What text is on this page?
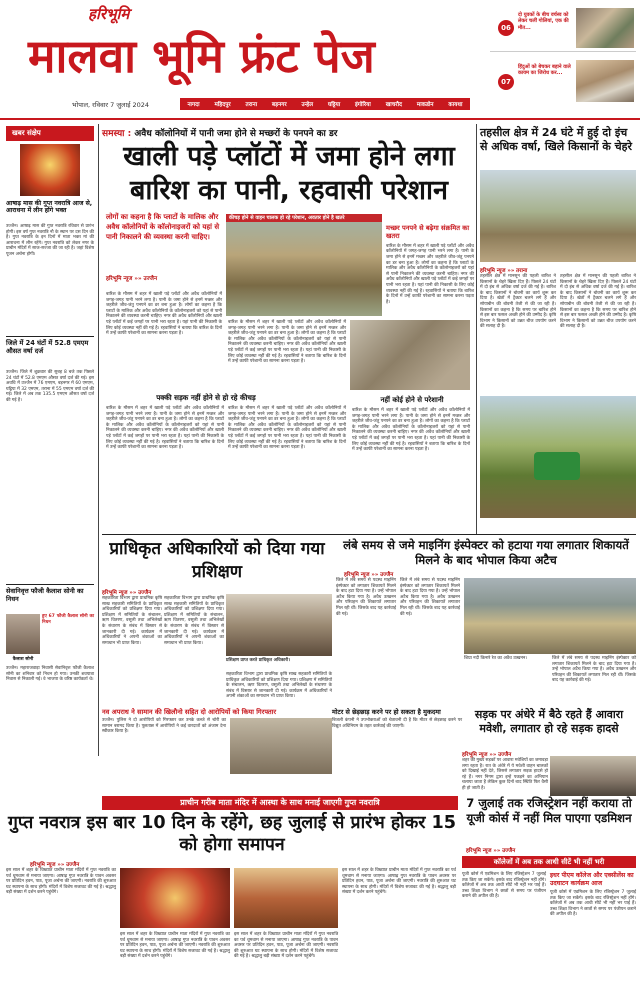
हरिभूमि
मालवा भूमि फ्रंट पेज
भोपाल, रविवार 7 जुलाई 2024	नागदा	महिदपुर	तराना	बड़नगर	उन्हेल	घट्टिया	इंगोरिया	खाचरौद	माकडोन	कायथा
06
दो युवकों के बीच वर्चस्व को लेकर चलीं गोलियां, एक की मौत...
07
हिंदुओं को बेचकर बहाने वाले कायम का जिरोध कर...
खबर संक्षेप
आषाढ़ मास की गुप्त नवरात्रि आज से, आराधना में लीन होंगे भक्त
उज्जैन। आषाढ़ मास की गुप्त नवरात्रि रविवार से प्रारंभ होगी। इस वर्ष गुप्त नवरात्रि नौ के स्थान पर दस दिन की है। गुप्त नवरात्रि के इन दिनों में माता भक्त मां की आराधना में लीन रहेंगे। गुप्त नवरात्रि को लेकर नगर के प्राचीन मंदिरों में साज-सज्जा की जा रही है। जहां विशेष पूजन अर्चना होगी।
जिले में 24 घंटों में 52.8 एमएम औसत वर्षा दर्ज
उज्जैन। जिले में शुक्रवार की सुबह 8 बजे तक पिछले 24 घंटों में 52.8 एमएम औसत वर्षा दर्ज की गई। इस अवधि में उज्जैन में 76 एमएम, बड़नगर में 60 एमएम, घट्टिया में 32 एमएम, तराना में 55 एमएम वर्षा दर्ज की गई। जिले में अब तक 135.5 एमएम औसत वर्षा दर्ज की गई है।
सेवानिवृत्त फौजी कैलाश सोनी का निधन
हुए 67 फौजी कैलाश सोनी का निधन
कैलाश सोनी
उज्जैन। महाराजवाड़ा निवासी सेवानिवृत्त फौजी कैलाश सोनी का शनिवार को निधन हो गया। उनकी शवयात्रा निवास से निकाली गई। वे भाजपा के वरिष्ठ कार्यकर्ता थे।
समस्या : अवैध कॉलोनियों में पानी जमा होने से मच्छरों के पनपने का डर
खाली पड़े प्लॉटों में जमा होने लगा बारिश का पानी, रहवासी परेशान
लोगों का कहना है कि प्लाटों के मालिक और अवैध कॉलोनियों के कॉलोनाइजरों को यहां से पानी निकालने की व्यवस्था करनी चाहिए।
हरिभूमि न्यूज »» उज्जैन
कीचड़ होने से वाहन चालक हो रहे परेशान, अवतार होने है खतरे
मच्छर पनपने से बढ़ेगा संक्रमित का खतरा
बारिश के मौसम में शहर में खाली पड़े प्लॉटों और अवैध कॉलोनियों में जगह-जगह पानी भरने लगा है। पानी के जमा होने से इनमें मच्छर और जहरीले जीव-जंतु पनपने का डर बना हुआ है। लोगों का कहना है कि प्लाटों के मालिक और अवैध कॉलोनियों के कॉलोनाइजरों को यहां से पानी निकालने की व्यवस्था करनी चाहिए। नगर की अवैध कॉलोनियों और खाली पड़े प्लॉटों में कई जगहों पर पानी भरा रहता है। यहां पानी की निकासी के लिए कोई व्यवस्था नहीं की गई है। रहवासियों ने बताया कि बारिश के दिनों में उन्हें काफी परेशानी का सामना करना पड़ता है।
बारिश के मौसम में शहर में खाली पड़े प्लॉटों और अवैध कॉलोनियों में जगह-जगह पानी भरने लगा है। पानी के जमा होने से इनमें मच्छर और जहरीले जीव-जंतु पनपने का डर बना हुआ है। लोगों का कहना है कि प्लाटों के मालिक और अवैध कॉलोनियों के कॉलोनाइजरों को यहां से पानी निकालने की व्यवस्था करनी चाहिए। नगर की अवैध कॉलोनियों और खाली पड़े प्लॉटों में कई जगहों पर पानी भरा रहता है। यहां पानी की निकासी के लिए कोई व्यवस्था नहीं की गई है। रहवासियों ने बताया कि बारिश के दिनों में उन्हें काफी परेशानी का सामना करना पड़ता है।
बारिश के मौसम में शहर में खाली पड़े प्लॉटों और अवैध कॉलोनियों में जगह-जगह पानी भरने लगा है। पानी के जमा होने से इनमें मच्छर और जहरीले जीव-जंतु पनपने का डर बना हुआ है। लोगों का कहना है कि प्लाटों के मालिक और अवैध कॉलोनियों के कॉलोनाइजरों को यहां से पानी निकालने की व्यवस्था करनी चाहिए। नगर की अवैध कॉलोनियों और खाली पड़े प्लॉटों में कई जगहों पर पानी भरा रहता है। यहां पानी की निकासी के लिए कोई व्यवस्था नहीं की गई है। रहवासियों ने बताया कि बारिश के दिनों में उन्हें काफी परेशानी का सामना करना पड़ता है।
पक्की सड़क नहीं होने से हो रहे कीचड़
बारिश के मौसम में शहर में खाली पड़े प्लॉटों और अवैध कॉलोनियों में जगह-जगह पानी भरने लगा है। पानी के जमा होने से इनमें मच्छर और जहरीले जीव-जंतु पनपने का डर बना हुआ है। लोगों का कहना है कि प्लाटों के मालिक और अवैध कॉलोनियों के कॉलोनाइजरों को यहां से पानी निकालने की व्यवस्था करनी चाहिए। नगर की अवैध कॉलोनियों और खाली पड़े प्लॉटों में कई जगहों पर पानी भरा रहता है। यहां पानी की निकासी के लिए कोई व्यवस्था नहीं की गई है। रहवासियों ने बताया कि बारिश के दिनों में उन्हें काफी परेशानी का सामना करना पड़ता है।
बारिश के मौसम में शहर में खाली पड़े प्लॉटों और अवैध कॉलोनियों में जगह-जगह पानी भरने लगा है। पानी के जमा होने से इनमें मच्छर और जहरीले जीव-जंतु पनपने का डर बना हुआ है। लोगों का कहना है कि प्लाटों के मालिक और अवैध कॉलोनियों के कॉलोनाइजरों को यहां से पानी निकालने की व्यवस्था करनी चाहिए। नगर की अवैध कॉलोनियों और खाली पड़े प्लॉटों में कई जगहों पर पानी भरा रहता है। यहां पानी की निकासी के लिए कोई व्यवस्था नहीं की गई है। रहवासियों ने बताया कि बारिश के दिनों में उन्हें काफी परेशानी का सामना करना पड़ता है।
नहीं कोई होने से परेशानी
बारिश के मौसम में शहर में खाली पड़े प्लॉटों और अवैध कॉलोनियों में जगह-जगह पानी भरने लगा है। पानी के जमा होने से इनमें मच्छर और जहरीले जीव-जंतु पनपने का डर बना हुआ है। लोगों का कहना है कि प्लाटों के मालिक और अवैध कॉलोनियों के कॉलोनाइजरों को यहां से पानी निकालने की व्यवस्था करनी चाहिए। नगर की अवैध कॉलोनियों और खाली पड़े प्लॉटों में कई जगहों पर पानी भरा रहता है। यहां पानी की निकासी के लिए कोई व्यवस्था नहीं की गई है। रहवासियों ने बताया कि बारिश के दिनों में उन्हें काफी परेशानी का सामना करना पड़ता है।
तहसील क्षेत्र में 24 घंटे में हुई दो इंच से अधिक वर्षा, खिले किसानों के चेहरे
हरिभूमि न्यूज »» तराना
तहसील क्षेत्र में मानसून की पहली बारिश ने किसानों के चेहरे खिला दिए हैं। पिछले 24 घंटों में दो इंच से अधिक वर्षा दर्ज की गई है। बारिश के बाद किसानों ने बोवनी का कार्य शुरू कर दिया है। खेतों में ट्रैक्टर चलने लगे हैं और सोयाबीन की बोवनी तेजी से की जा रही है। किसानों का कहना है कि समय पर बारिश होने से इस बार फसल अच्छी होने की उम्मीद है। कृषि विभाग ने किसानों को उन्नत बीज उपयोग करने की सलाह दी है।
तहसील क्षेत्र में मानसून की पहली बारिश ने किसानों के चेहरे खिला दिए हैं। पिछले 24 घंटों में दो इंच से अधिक वर्षा दर्ज की गई है। बारिश के बाद किसानों ने बोवनी का कार्य शुरू कर दिया है। खेतों में ट्रैक्टर चलने लगे हैं और सोयाबीन की बोवनी तेजी से की जा रही है। किसानों का कहना है कि समय पर बारिश होने से इस बार फसल अच्छी होने की उम्मीद है। कृषि विभाग ने किसानों को उन्नत बीज उपयोग करने की सलाह दी है।
प्राधिकृत अधिकारियों को दिया गया प्रशिक्षण
हरिभूमि न्यूज »» उज्जैन
सहकारिता विभाग द्वारा प्राथमिक कृषि साख सहकारी समितियों के प्राधिकृत अधिकारियों को प्रशिक्षण दिया गया। प्रशिक्षण में समितियों के संचालन, ऋण वितरण, वसूली तथा अभिलेखों के संधारण के संबंध में विस्तार से जानकारी दी गई। कार्यक्रम में अधिकारियों ने अपनी शंकाओं का समाधान भी प्राप्त किया।
सहकारिता विभाग द्वारा प्राथमिक कृषि साख सहकारी समितियों के प्राधिकृत अधिकारियों को प्रशिक्षण दिया गया। प्रशिक्षण में समितियों के संचालन, ऋण वितरण, वसूली तथा अभिलेखों के संधारण के संबंध में विस्तार से जानकारी दी गई। कार्यक्रम में अधिकारियों ने अपनी शंकाओं का समाधान भी प्राप्त किया।
प्रशिक्षण प्राप्त करते प्राधिकृत अधिकारी।
सहकारिता विभाग द्वारा प्राथमिक कृषि साख सहकारी समितियों के प्राधिकृत अधिकारियों को प्रशिक्षण दिया गया। प्रशिक्षण में समितियों के संचालन, ऋण वितरण, वसूली तथा अभिलेखों के संधारण के संबंध में विस्तार से जानकारी दी गई। कार्यक्रम में अधिकारियों ने अपनी शंकाओं का समाधान भी प्राप्त किया।
नव अपराध ने सामान की खिलौनो सहित दो आरोपियों को किया गिरफ्तार
उज्जैन। पुलिस ने दो आरोपियों को गिरफ्तार कर उनके कब्जे से चोरी का सामान बरामद किया है। पूछताछ में आरोपियों ने कई वारदातों को अंजाम देना स्वीकार किया है।
मोटर से छेड़छाड़ करने पर हो सकता है मुकदमा
बिजली कंपनी ने उपभोक्ताओं को चेतावनी दी है कि मीटर से छेड़छाड़ करने पर विद्युत अधिनियम के तहत कार्रवाई की जाएगी।
लंबे समय से जमे माइनिंग इंस्पेक्टर को हटाया गया लगातार शिकायतें मिलने के बाद भोपाल किया अटैच
हरिभूमि न्यूज »» उज्जैन
जिले में लंबे समय से पदस्थ माइनिंग इंस्पेक्टर को लगातार शिकायतें मिलने के बाद हटा दिया गया है। उन्हें भोपाल अटैच किया गया है। अवैध उत्खनन और परिवहन की शिकायतें लगातार मिल रही थीं। जिसके बाद यह कार्रवाई की गई।
जिले में लंबे समय से पदस्थ माइनिंग इंस्पेक्टर को लगातार शिकायतें मिलने के बाद हटा दिया गया है। उन्हें भोपाल अटैच किया गया है। अवैध उत्खनन और परिवहन की शिकायतें लगातार मिल रही थीं। जिसके बाद यह कार्रवाई की गई।
शिप्रा नदी किनारे रेत का अवैध उत्खनन।	जिले में लंबे समय से पदस्थ माइनिंग इंस्पेक्टर को लगातार शिकायतें मिलने के बाद हटा दिया गया है। उन्हें भोपाल अटैच किया गया है। अवैध उत्खनन और परिवहन की शिकायतें लगातार मिल रही थीं। जिसके बाद यह कार्रवाई की गई।
सड़क पर अंधेरे में बैठे रहते हैं आवारा मवेशी, लगातार हो रहे सड़क हादसे
हरिभूमि न्यूज »» उज्जैन
शहर की मुख्य सड़कों पर आवारा मवेशियों का जमावड़ा लगा रहता है। रात के अंधेरे में ये मवेशी वाहन चालकों को दिखाई नहीं देते, जिससे लगातार सड़क हादसे हो रहे हैं। नगर निगम द्वारा इन्हें पकड़ने का अभियान चलाया जाता है लेकिन कुछ दिनों बाद स्थिति फिर वैसी ही हो जाती है।
प्राचीन गरीब माता मंदिर में आस्था के साथ मनाई जाएगी गुप्त नवरात्रि
गुप्त नवरात्र इस बार 10 दिन के रहेंगे, छह जुलाई से प्रारंभ होकर 15 को होगा समापन
हरिभूमि न्यूज »» उज्जैन
इस साल में शहर के विख्यात प्राचीन माता मंदिरों में गुप्त नवरात्रि का पर्व धूमधाम से मनाया जाएगा। आषाढ़ गुप्त नवरात्रि के पावन अवसर पर प्रतिदिन हवन, पाठ, पूजा अर्चना की जाएगी। नवरात्रि की शुरुआत घट स्थापना के साथ होगी। मंदिरों में विशेष सजावट की गई है। श्रद्धालु बड़ी संख्या में दर्शन करने पहुंचेंगे।
इस साल में शहर के विख्यात प्राचीन माता मंदिरों में गुप्त नवरात्रि का पर्व धूमधाम से मनाया जाएगा। आषाढ़ गुप्त नवरात्रि के पावन अवसर पर प्रतिदिन हवन, पाठ, पूजा अर्चना की जाएगी। नवरात्रि की शुरुआत घट स्थापना के साथ होगी। मंदिरों में विशेष सजावट की गई है। श्रद्धालु बड़ी संख्या में दर्शन करने पहुंचेंगे।
इस साल में शहर के विख्यात प्राचीन माता मंदिरों में गुप्त नवरात्रि का पर्व धूमधाम से मनाया जाएगा। आषाढ़ गुप्त नवरात्रि के पावन अवसर पर प्रतिदिन हवन, पाठ, पूजा अर्चना की जाएगी। नवरात्रि की शुरुआत घट स्थापना के साथ होगी। मंदिरों में विशेष सजावट की गई है। श्रद्धालु बड़ी संख्या में दर्शन करने पहुंचेंगे।
इस साल में शहर के विख्यात प्राचीन माता मंदिरों में गुप्त नवरात्रि का पर्व धूमधाम से मनाया जाएगा। आषाढ़ गुप्त नवरात्रि के पावन अवसर पर प्रतिदिन हवन, पाठ, पूजा अर्चना की जाएगी। नवरात्रि की शुरुआत घट स्थापना के साथ होगी। मंदिरों में विशेष सजावट की गई है। श्रद्धालु बड़ी संख्या में दर्शन करने पहुंचेंगे।
7 जुलाई तक रजिस्ट्रेशन नहीं कराया तो यूजी कोर्स में नहीं मिल पाएगा एडमिशन
हरिभूमि न्यूज »» उज्जैन
कॉलेजों में अब तक आधी सीटें भी नहीं भरी
यूजी कोर्स में एडमिशन के लिए रजिस्ट्रेशन 7 जुलाई तक किए जा सकेंगे। इसके बाद रजिस्ट्रेशन नहीं होंगे। कॉलेजों में अब तक आधी सीटें भी नहीं भर पाई हैं। उच्च शिक्षा विभाग ने छात्रों से समय पर पंजीयन कराने की अपील की है।
इधर पीएम कॉलेज और एक्सीलेंस का उदघाटन कार्यक्रम आज
यूजी कोर्स में एडमिशन के लिए रजिस्ट्रेशन 7 जुलाई तक किए जा सकेंगे। इसके बाद रजिस्ट्रेशन नहीं होंगे। कॉलेजों में अब तक आधी सीटें भी नहीं भर पाई हैं। उच्च शिक्षा विभाग ने छात्रों से समय पर पंजीयन कराने की अपील की है।
